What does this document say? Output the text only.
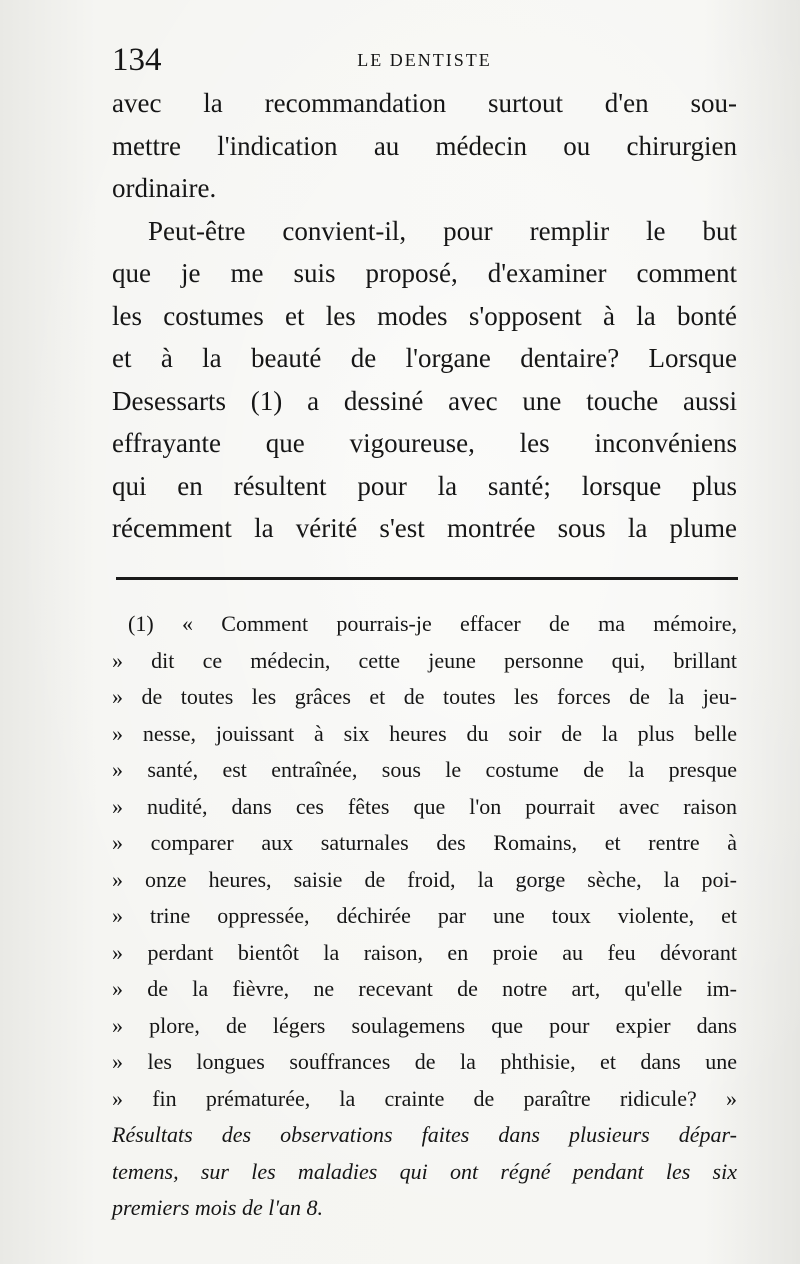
134	LE DENTISTE
avec la recommandation surtout d'en sou-
mettre l'indication au médecin ou chirurgien
ordinaire.
Peut-être convient-il, pour remplir le but
que je me suis proposé, d'examiner comment
les costumes et les modes s'opposent à la bonté
et à la beauté de l'organe dentaire? Lorsque
Desessarts (1) a dessiné avec une touche aussi
effrayante que vigoureuse, les inconvéniens
qui en résultent pour la santé; lorsque plus
récemment la vérité s'est montrée sous la plume
(1) « Comment pourrais-je effacer de ma mémoire,
» dit ce médecin, cette jeune personne qui, brillant
» de toutes les grâces et de toutes les forces de la jeu-
» nesse, jouissant à six heures du soir de la plus belle
» santé, est entraînée, sous le costume de la presque
» nudité, dans ces fêtes que l'on pourrait avec raison
» comparer aux saturnales des Romains, et rentre à
» onze heures, saisie de froid, la gorge sèche, la poi-
» trine oppressée, déchirée par une toux violente, et
» perdant bientôt la raison, en proie au feu dévorant
» de la fièvre, ne recevant de notre art, qu'elle im-
» plore, de légers soulagemens que pour expier dans
» les longues souffrances de la phthisie, et dans une
» fin prématurée, la crainte de paraître ridicule? »
Résultats des observations faites dans plusieurs dépar-
temens, sur les maladies qui ont régné pendant les six
premiers mois de l'an 8.
